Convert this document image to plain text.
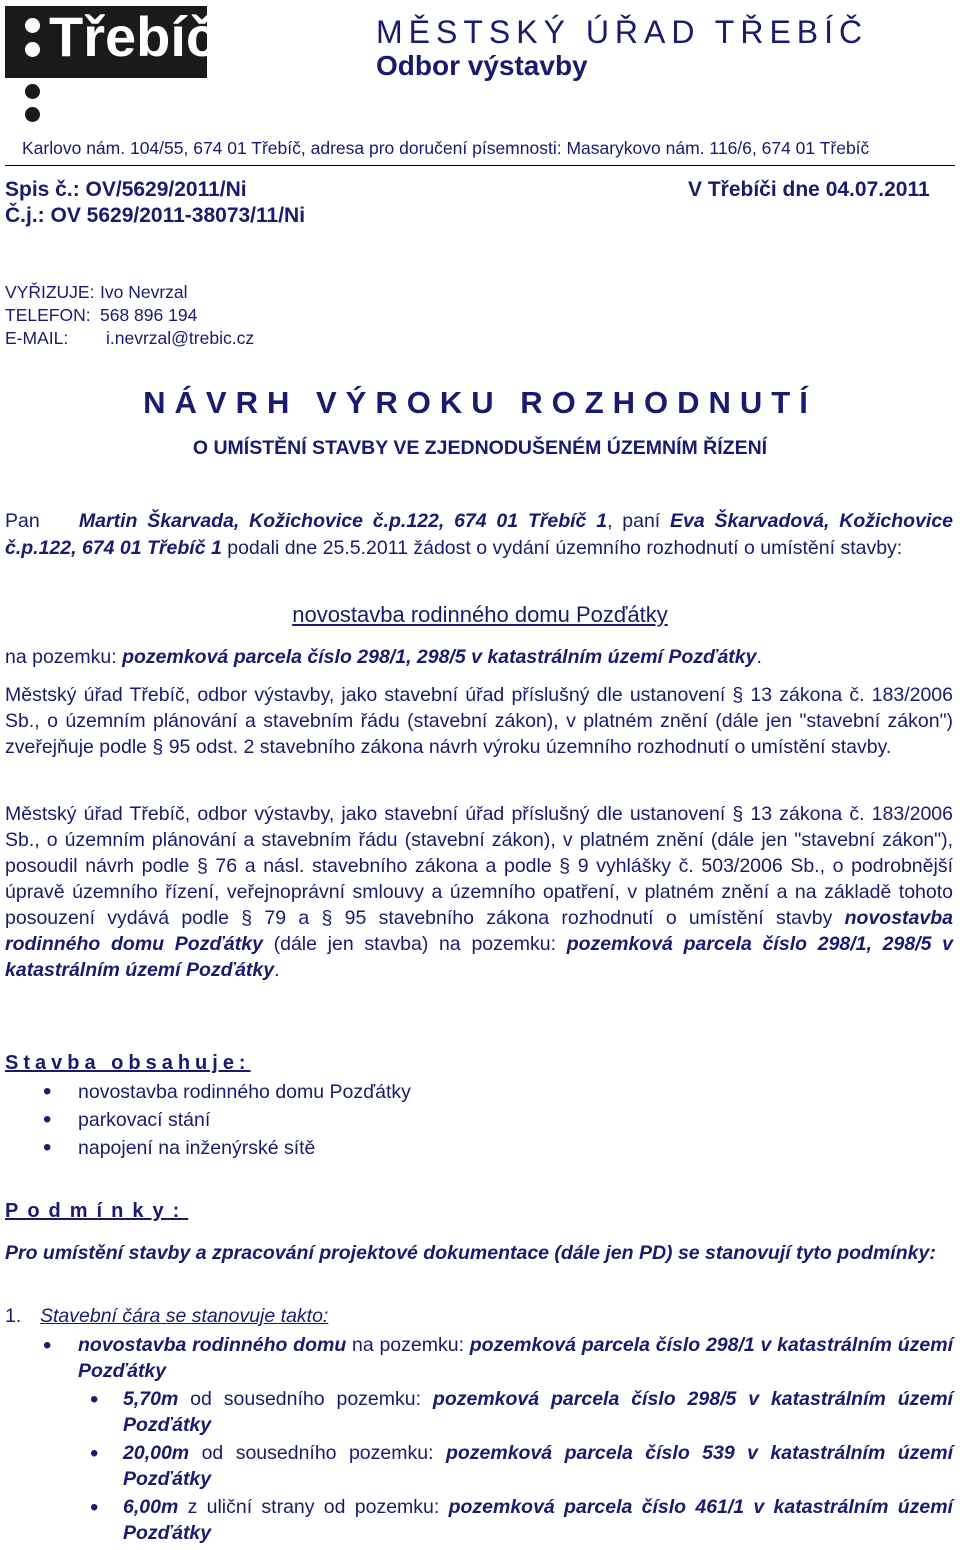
Třebíč	MĚSTSKÝ ÚŘAD TŘEBÍČ
Odbor výstavby
Karlovo nám. 104/55, 674 01 Třebíč, adresa pro doručení písemnosti: Masarykovo nám. 116/6, 674 01 Třebíč
Spis č.: OV/5629/2011/Ni
Č.j.: OV 5629/2011-38073/11/Ni
V Třebíči dne 04.07.2011
VYŘIZUJE: Ivo Nevrzal
TELEFON: 568 896 194
E-MAIL: i.nevrzal@trebic.cz
NÁVRH VÝROKU ROZHODNUTÍ
O UMÍSTĚNÍ STAVBY VE ZJEDNODUŠENÉM ÚZEMNÍM ŘÍZENÍ
Pan Martin Škarvada, Kožichovice č.p.122, 674 01 Třebíč 1, paní Eva Škarvadová, Kožichovice č.p.122, 674 01 Třebíč 1 podali dne 25.5.2011 žádost o vydání územního rozhodnutí o umístění stavby:
novostavba rodinného domu Pozďátky
na pozemku: pozemková parcela číslo 298/1, 298/5 v katastrálním území Pozďátky.
Městský úřad Třebíč, odbor výstavby, jako stavební úřad příslušný dle ustanovení § 13 zákona č. 183/2006 Sb., o územním plánování a stavebním řádu (stavební zákon), v platném znění (dále jen "stavební zákon") zveřejňuje podle § 95 odst. 2 stavebního zákona návrh výroku územního rozhodnutí o umístění stavby.
Městský úřad Třebíč, odbor výstavby, jako stavební úřad příslušný dle ustanovení § 13 zákona č. 183/2006 Sb., o územním plánování a stavebním řádu (stavební zákon), v platném znění (dále jen "stavební zákon"), posoudil návrh podle § 76 a násl. stavebního zákona a podle § 9 vyhlášky č. 503/2006 Sb., o podrobnější úpravě územního řízení, veřejnoprávní smlouvy a územního opatření, v platném znění a na základě tohoto posouzení vydává podle § 79 a § 95 stavebního zákona rozhodnutí o umístění stavby novostavba rodinného domu Pozďátky (dále jen stavba) na pozemku: pozemková parcela číslo 298/1, 298/5 v katastrálním území Pozďátky.
Stavba obsahuje:
• novostavba rodinného domu Pozďátky
• parkovací stání
• napojení na inženýrské sítě
Podmínky:
Pro umístění stavby a zpracování projektové dokumentace (dále jen PD) se stanovují tyto podmínky:
1. Stavební čára se stanovuje takto:
• novostavba rodinného domu na pozemku: pozemková parcela číslo 298/1 v katastrálním území Pozďátky
• 5,70m od sousedního pozemku: pozemková parcela číslo 298/5 v katastrálním území Pozďátky
• 20,00m od sousedního pozemku: pozemková parcela číslo 539 v katastrálním území Pozďátky
• 6,00m z uliční strany od pozemku: pozemková parcela číslo 461/1 v katastrálním území Pozďátky
